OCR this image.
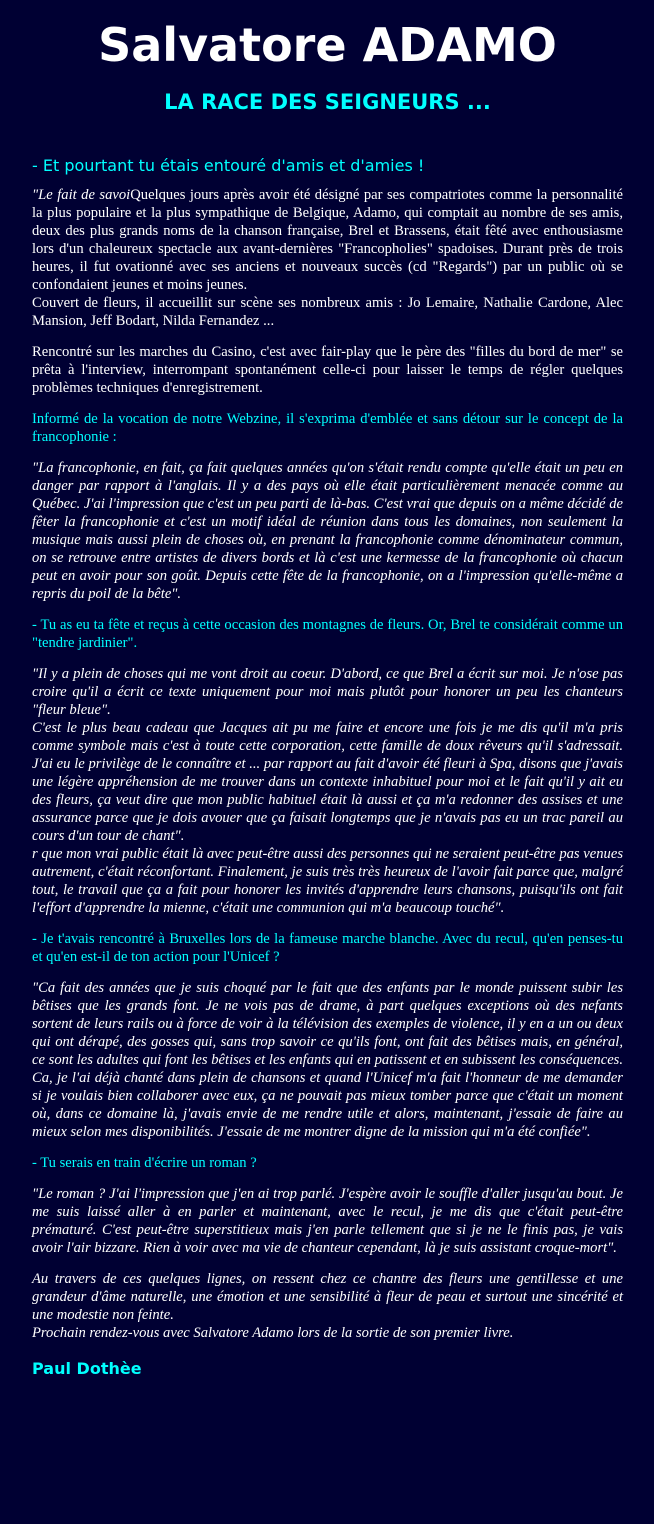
Salvatore ADAMO
LA RACE DES SEIGNEURS ...
- Et pourtant tu étais entouré d'amis et d'amies !

"Le fait de savoiQuelques jours après avoir été désigné par ses compatriotes comme la personnalité la plus populaire et la plus sympathique de Belgique, Adamo, qui comptait au nombre de ses amis, deux des plus grands noms de la chanson française, Brel et Brassens, était fêté avec enthousiasme lors d'un chaleureux spectacle aux avant-dernières "Francopholies" spadoises. Durant près de trois heures, il fut ovationné avec ses anciens et nouveaux succès (cd "Regards") par un public où se confondaient jeunes et moins jeunes.
Couvert de fleurs, il accueillit sur scène ses nombreux amis : Jo Lemaire, Nathalie Cardone, Alec Mansion, Jeff Bodart, Nilda Fernandez ...

Rencontré sur les marches du Casino, c'est avec fair-play que le père des "filles du bord de mer" se prêta à l'interview, interrompant spontanément celle-ci pour laisser le temps de régler quelques problèmes techniques d'enregistrement.

Informé de la vocation de notre Webzine, il s'exprima d'emblée et sans détour sur le concept de la francophonie :

"La francophonie, en fait, ça fait quelques années qu'on s'était rendu compte qu'elle était un peu en danger par rapport à l'anglais. Il y a des pays où elle était particulièrement menacée comme au Québec. J'ai l'impression que c'est un peu parti de là-bas. C'est vrai que depuis on a même décidé de fêter la francophonie et c'est un motif idéal de réunion dans tous les domaines, non seulement la musique mais aussi plein de choses où, en prenant la francophonie comme dénominateur commun, on se retrouve entre artistes de divers bords et là c'est une kermesse de la francophonie où chacun peut en avoir pour son goût. Depuis cette fête de la francophonie, on a l'impression qu'elle-même a repris du poil de la bête".

- Tu as eu ta fête et reçus à cette occasion des montagnes de fleurs. Or, Brel te considérait comme un "tendre jardinier".

"Il y a plein de choses qui me vont droit au coeur. D'abord, ce que Brel a écrit sur moi. Je n'ose pas croire qu'il a écrit ce texte uniquement pour moi mais plutôt pour honorer un peu les chanteurs "fleur bleue".
C'est le plus beau cadeau que Jacques ait pu me faire et encore une fois je me dis qu'il m'a pris comme symbole mais c'est à toute cette corporation, cette famille de doux rêveurs qu'il s'adressait. J'ai eu le privilège de le connaître et ... par rapport au fait d'avoir été fleuri à Spa, disons que j'avais une légère appréhension de me trouver dans un contexte inhabituel pour moi et le fait qu'il y ait eu des fleurs, ça veut dire que mon public habituel était là aussi et ça m'a redonner des assises et une assurance parce que je dois avouer que ça faisait longtemps que je n'avais pas eu un trac pareil au cours d'un tour de chant".
r que mon vrai public était là avec peut-être aussi des personnes qui ne seraient peut-être pas venues autrement, c'était réconfortant. Finalement, je suis très très heureux de l'avoir fait parce que, malgré tout, le travail que ça a fait pour honorer les invités d'apprendre leurs chansons, puisqu'ils ont fait l'effort d'apprendre la mienne, c'était une communion qui m'a beaucoup touché".

- Je t'avais rencontré à Bruxelles lors de la fameuse marche blanche. Avec du recul, qu'en penses-tu et qu'en est-il de ton action pour l'Unicef ?

"Ca fait des années que je suis choqué par le fait que des enfants par le monde puissent subir les bêtises que les grands font. Je ne vois pas de drame, à part quelques exceptions où des nefants sortent de leurs rails ou à force de voir à la télévision des exemples de violence, il y en a un ou deux qui ont dérapé, des gosses qui, sans trop savoir ce qu'ils font, ont fait des bêtises mais, en général, ce sont les adultes qui font les bêtises et les enfants qui en patissent et en subissent les conséquences. Ca, je l'ai déjà chanté dans plein de chansons et quand l'Unicef m'a fait l'honneur de me demander si je voulais bien collaborer avec eux, ça ne pouvait pas mieux tomber parce que c'était un moment où, dans ce domaine là, j'avais envie de me rendre utile et alors, maintenant, j'essaie de faire au mieux selon mes disponibilités. J'essaie de me montrer digne de la mission qui m'a été confiée".

- Tu serais en train d'écrire un roman ?

"Le roman ? J'ai l'impression que j'en ai trop parlé. J'espère avoir le souffle d'aller jusqu'au bout. Je me suis laissé aller à en parler et maintenant, avec le recul, je me dis que c'était peut-être prématuré. C'est peut-être superstitieux mais j'en parle tellement que si je ne le finis pas, je vais avoir l'air bizzare. Rien à voir avec ma vie de chanteur cependant, là je suis assistant croque-mort".

Au travers de ces quelques lignes, on ressent chez ce chantre des fleurs une gentillesse et une grandeur d'âme naturelle, une émotion et une sensibilité à fleur de peau et surtout une sincérité et une modestie non feinte.
Prochain rendez-vous avec Salvatore Adamo lors de la sortie de son premier livre.

Paul Dothèe
